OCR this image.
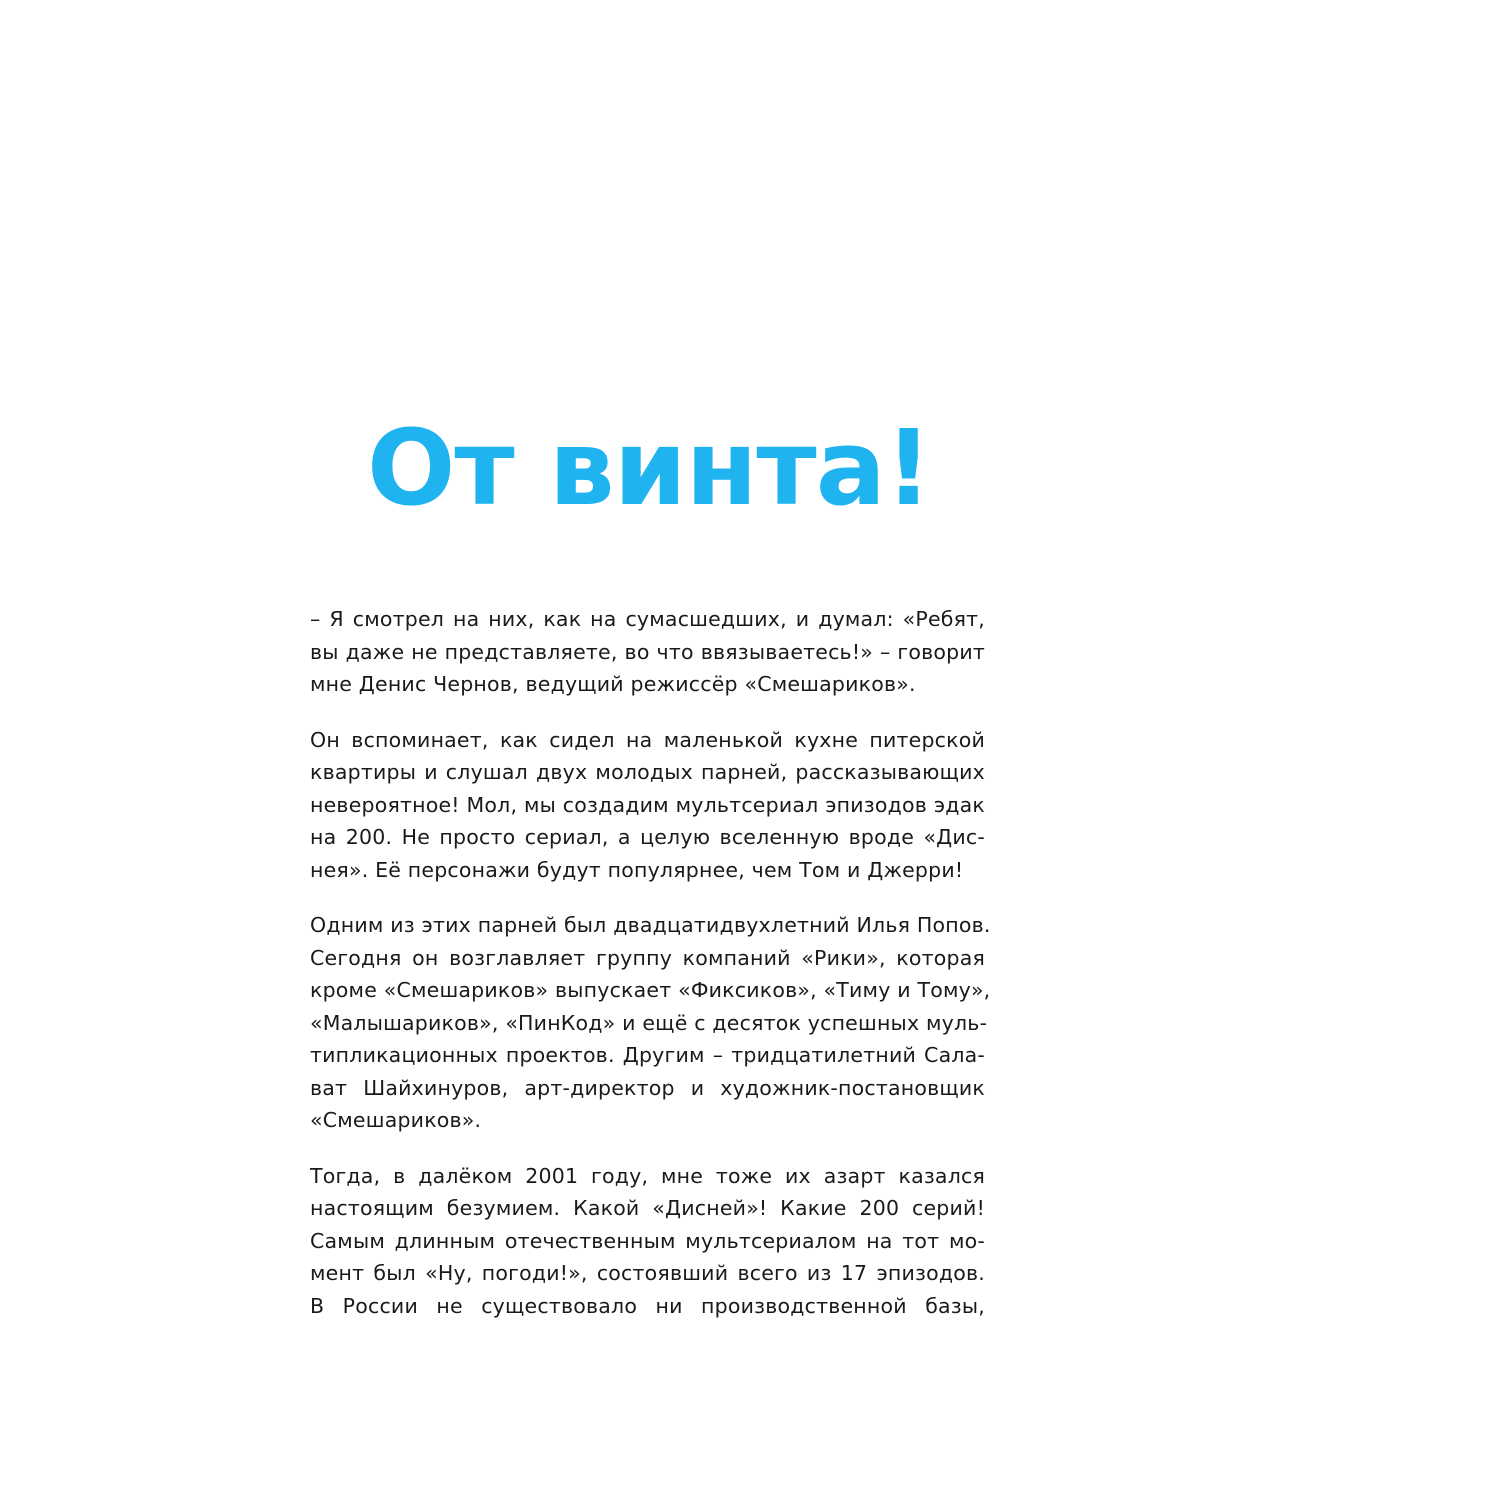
От винта!

– Я смотрел на них, как на сумасшедших, и думал: «Ребят,
вы даже не представляете, во что ввязываетесь!» – говорит
мне Денис Чернов, ведущий режиссёр «Смешариков».

Он вспоминает, как сидел на маленькой кухне питерской
квартиры и слушал двух молодых парней, рассказывающих
невероятное! Мол, мы создадим мультсериал эпизодов эдак
на 200. Не просто сериал, а целую вселенную вроде «Дис-
нея». Её персонажи будут популярнее, чем Том и Джерри!

Одним из этих парней был двадцатидвухлетний Илья Попов.
Сегодня он возглавляет группу компаний «Рики», которая
кроме «Смешариков» выпускает «Фиксиков», «Тиму и Тому»,
«Малышариков», «ПинКод» и ещё с десяток успешных муль-
типликационных проектов. Другим – тридцатилетний Сала-
ват Шайхинуров, арт-директор и художник-постановщик
«Смешариков».

Тогда, в далёком 2001 году, мне тоже их азарт казался
настоящим безумием. Какой «Дисней»! Какие 200 серий!
Самым длинным отечественным мультсериалом на тот мо-
мент был «Ну, погоди!», состоявший всего из 17 эпизодов.
В России не существовало ни производственной базы,
